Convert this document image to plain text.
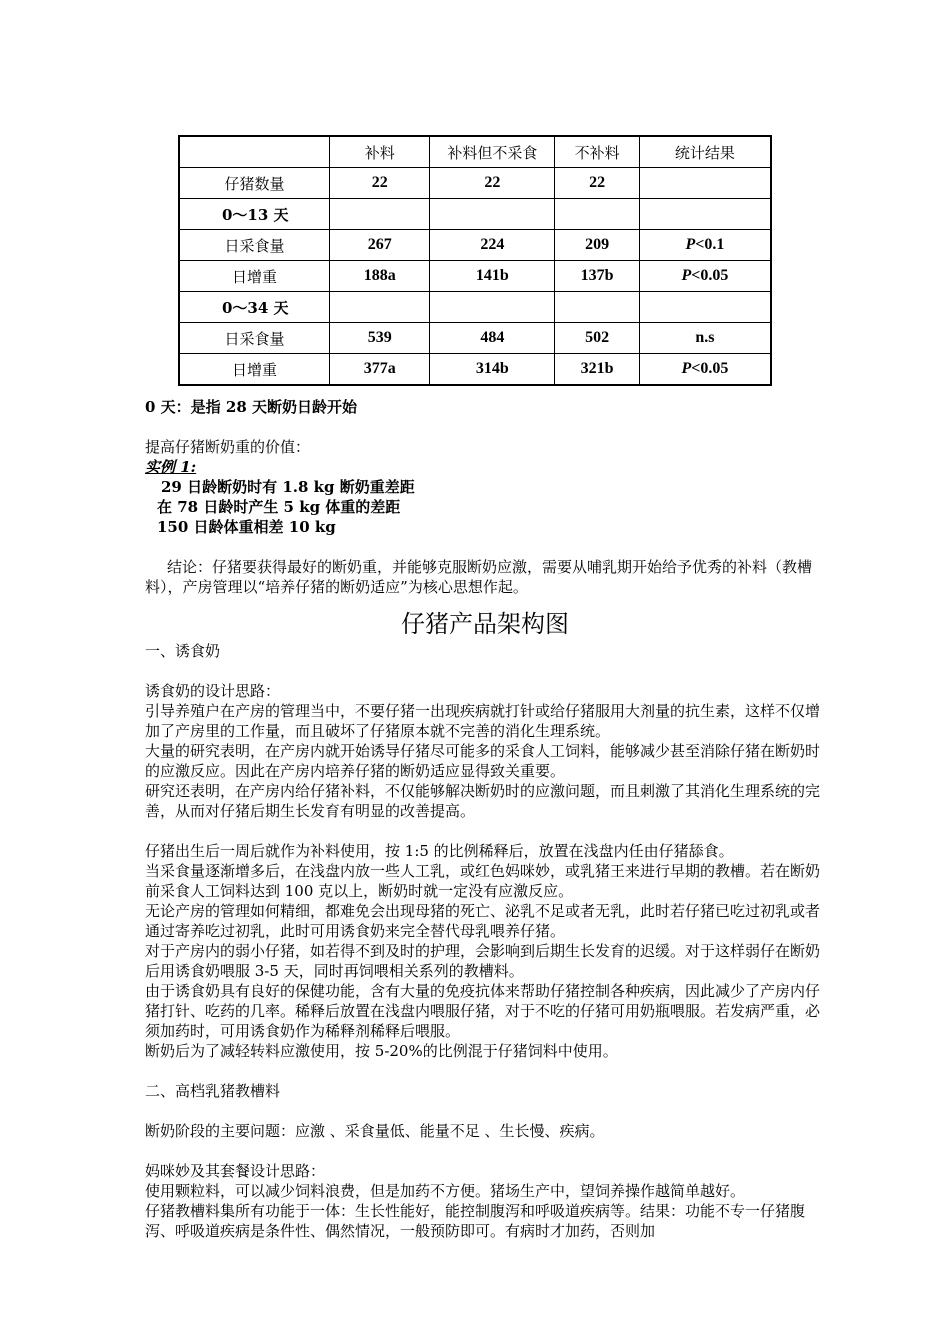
	补料	补料但不采食	不补料	统计结果
仔猪数量	22	22	22	
0～13 天				
日采食量	267	224	209	P<0.1
日增重	188a	141b	137b	P<0.05
0～34 天				
日采食量	539	484	502	n.s
日增重	377a	314b	321b	P<0.05

0 天：是指 28 天断奶日龄开始

提高仔猪断奶重的价值：

实例 1:

29 日龄断奶时有 1.8 kg 断奶重差距

在 78 日龄时产生 5 kg 体重的差距

150 日龄体重相差 10 kg

结论：仔猪要获得最好的断奶重，并能够克服断奶应激，需要从哺乳期开始给予优秀的补料（教槽料），产房管理以“培养仔猪的断奶适应”为核心思想作起。

仔猪产品架构图

一、诱食奶

诱食奶的设计思路：

引导养殖户在产房的管理当中，不要仔猪一出现疾病就打针或给仔猪服用大剂量的抗生素，这样不仅增加了产房里的工作量，而且破坏了仔猪原本就不完善的消化生理系统。

大量的研究表明，在产房内就开始诱导仔猪尽可能多的采食人工饲料，能够减少甚至消除仔猪在断奶时的应激反应。因此在产房内培养仔猪的断奶适应显得致关重要。

研究还表明，在产房内给仔猪补料，不仅能够解决断奶时的应激问题，而且刺激了其消化生理系统的完善，从而对仔猪后期生长发育有明显的改善提高。

仔猪出生后一周后就作为补料使用，按 1:5 的比例稀释后，放置在浅盘内任由仔猪舔食。

当采食量逐渐增多后，在浅盘内放一些人工乳，或红色妈咪妙，或乳猪王来进行早期的教槽。若在断奶前采食人工饲料达到 100 克以上，断奶时就一定没有应激反应。

无论产房的管理如何精细，都难免会出现母猪的死亡、泌乳不足或者无乳，此时若仔猪已吃过初乳或者通过寄养吃过初乳，此时可用诱食奶来完全替代母乳喂养仔猪。

对于产房内的弱小仔猪，如若得不到及时的护理，会影响到后期生长发育的迟缓。对于这样弱仔在断奶后用诱食奶喂服 3-5 天，同时再饲喂相关系列的教槽料。

由于诱食奶具有良好的保健功能，含有大量的免疫抗体来帮助仔猪控制各种疾病，因此减少了产房内仔猪打针、吃药的几率。稀释后放置在浅盘内喂服仔猪，对于不吃的仔猪可用奶瓶喂服。若发病严重，必须加药时，可用诱食奶作为稀释剂稀释后喂服。

断奶后为了减轻转料应激使用，按 5-20%的比例混于仔猪饲料中使用。

二、高档乳猪教槽料

断奶阶段的主要问题：应激 、采食量低、能量不足 、生长慢、疾病。

妈咪妙及其套餐设计思路：

使用颗粒料，可以减少饲料浪费，但是加药不方便。猪场生产中，望饲养操作越简单越好。

仔猪教槽料集所有功能于一体：生长性能好，能控制腹泻和呼吸道疾病等。结果：功能不专一仔猪腹泻、呼吸道疾病是条件性、偶然情况，一般预防即可。有病时才加药，否则加
